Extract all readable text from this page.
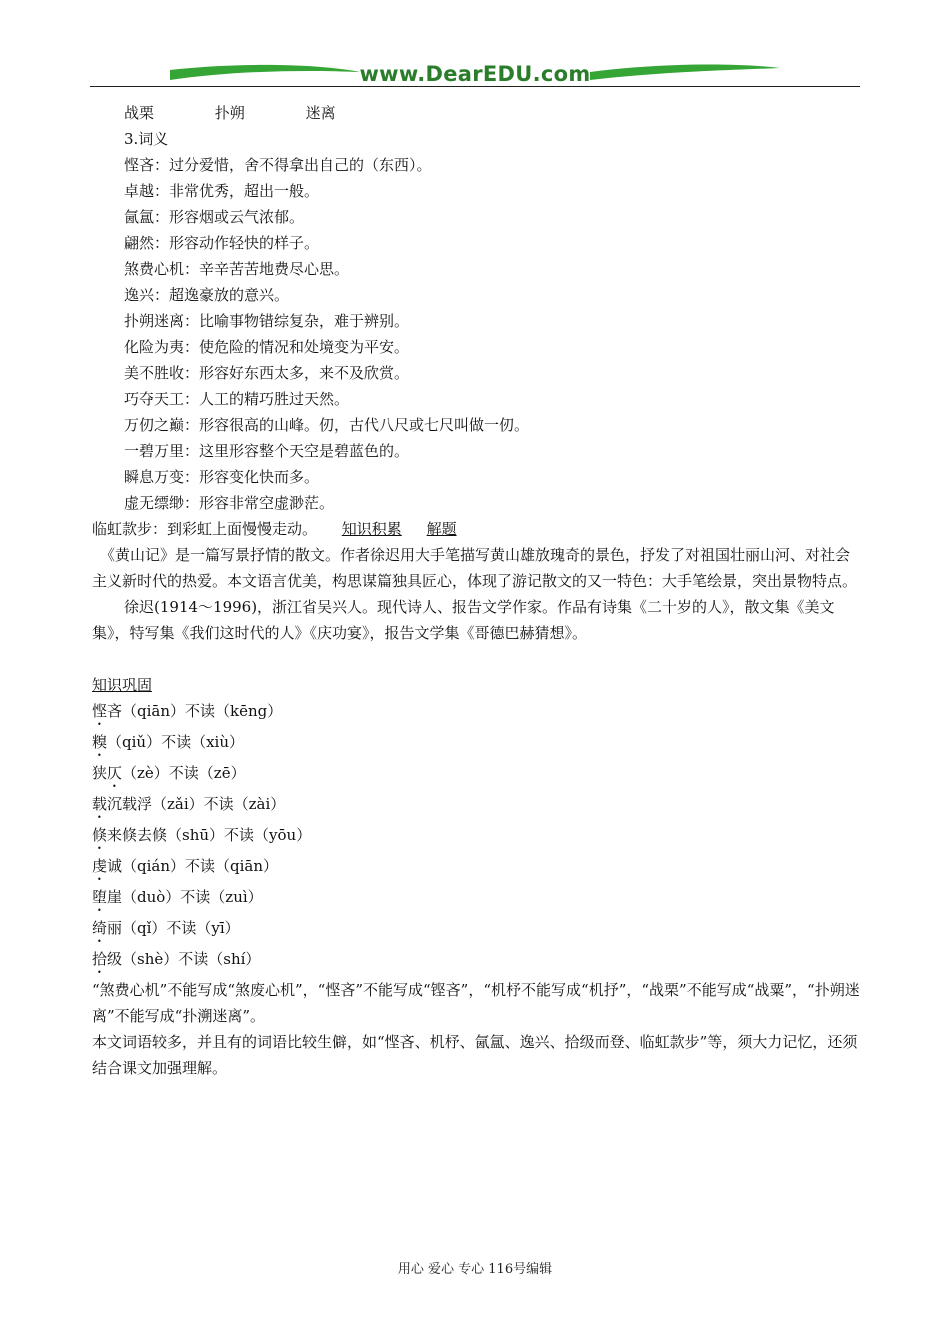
www.DearEDU.com
战栗	扑朔	迷离
3.词义
悭吝：过分爱惜，舍不得拿出自己的（东西）。
卓越：非常优秀，超出一般。
氤氲：形容烟或云气浓郁。
翩然：形容动作轻快的样子。
煞费心机：辛辛苦苦地费尽心思。
逸兴：超逸豪放的意兴。
扑朔迷离：比喻事物错综复杂，难于辨别。
化险为夷：使危险的情况和处境变为平安。
美不胜收：形容好东西太多，来不及欣赏。
巧夺天工：人工的精巧胜过天然。
万仞之巅：形容很高的山峰。仞，古代八尺或七尺叫做一仞。
一碧万里：这里形容整个天空是碧蓝色的。
瞬息万变：形容变化快而多。
虚无缥缈：形容非常空虚渺茫。
临虹款步：到彩虹上面慢慢走动。 知识积累 解题
《黄山记》是一篇写景抒情的散文。作者徐迟用大手笔描写黄山雄放瑰奇的景色，抒发了对祖国壮丽山河、对社会主义新时代的热爱。本文语言优美，构思谋篇独具匠心，体现了游记散文的又一特色：大手笔绘景，突出景物特点。
徐迟(1914～1996)，浙江省吴兴人。现代诗人、报告文学作家。作品有诗集《二十岁的人》，散文集《美文集》，特写集《我们这时代的人》《庆功宴》，报告文学集《哥德巴赫猜想》。
知识巩固
悭吝（qiān）不读（kēng）
糗（qiǔ）不读（xiù）
狭仄（zè）不读（zē）
载沉载浮（zǎi）不读（zài）
倏来倏去倏（shū）不读（yōu）
虔诚（qián）不读（qiān）
堕崖（duò）不读（zuì）
绮丽（qǐ）不读（yī）
拾级（shè）不读（shí）
“煞费心机”不能写成“煞废心机”，“悭吝”不能写成“铿吝”，“机杼不能写成“机抒”，“战栗”不能写成“战粟”，“扑朔迷离”不能写成“扑溯迷离”。
本文词语较多，并且有的词语比较生僻，如“悭吝、机杼、氤氲、逸兴、拾级而登、临虹款步”等，须大力记忆，还须结合课文加强理解。
用心 爱心 专心 116号编辑
